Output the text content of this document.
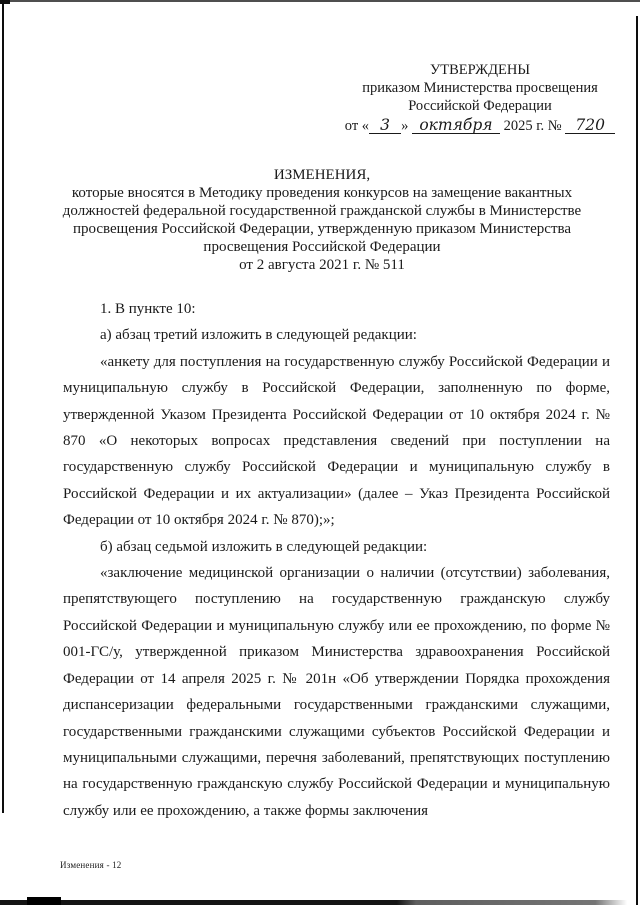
УТВЕРЖДЕНЫ
приказом Министерства просвещения
Российской Федерации
от « 3 » октября 2025 г. № 720
ИЗМЕНЕНИЯ,
которые вносятся в Методику проведения конкурсов на замещение вакантных должностей федеральной государственной гражданской службы в Министерстве просвещения Российской Федерации, утвержденную приказом Министерства просвещения Российской Федерации
от 2 августа 2021 г. № 511

1. В пункте 10:

а) абзац третий изложить в следующей редакции:

«анкету для поступления на государственную службу Российской Федерации и муниципальную службу в Российской Федерации, заполненную по форме, утвержденной Указом Президента Российской Федерации от 10 октября 2024 г. № 870 «О некоторых вопросах представления сведений при поступлении на государственную службу Российской Федерации и муниципальную службу в Российской Федерации и их актуализации» (далее – Указ Президента Российской Федерации от 10 октября 2024 г. № 870);»;

б) абзац седьмой изложить в следующей редакции:

«заключение медицинской организации о наличии (отсутствии) заболевания, препятствующего поступлению на государственную гражданскую службу Российской Федерации и муниципальную службу или ее прохождению, по форме № 001-ГС/у, утвержденной приказом Министерства здравоохранения Российской Федерации от 14 апреля 2025 г. № 201н «Об утверждении Порядка прохождения диспансеризации федеральными государственными гражданскими служащими, государственными гражданскими служащими субъектов Российской Федерации и муниципальными служащими, перечня заболеваний, препятствующих поступлению на государственную гражданскую службу Российской Федерации и муниципальную службу или ее прохождению, а также формы заключения

Изменения - 12
